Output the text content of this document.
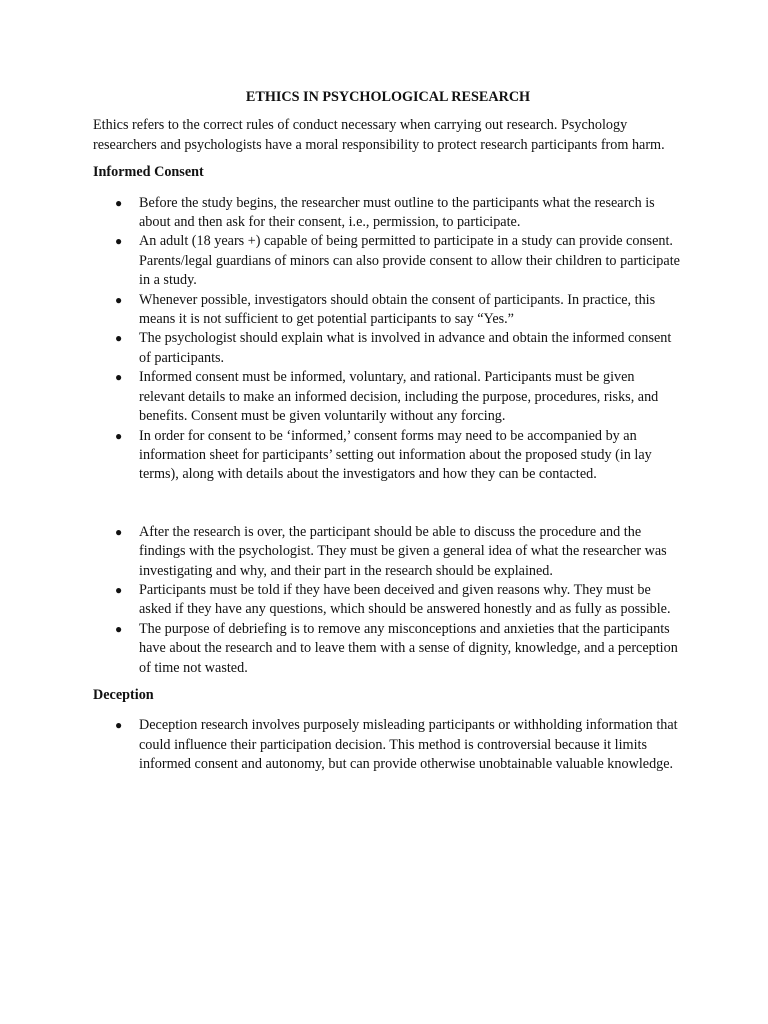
ETHICS IN PSYCHOLOGICAL RESEARCH

Ethics refers to the correct rules of conduct necessary when carrying out research. Psychology researchers and psychologists have a moral responsibility to protect research participants from harm.

Informed Consent
● Before the study begins, the researcher must outline to the participants what the research is about and then ask for their consent, i.e., permission, to participate.
● An adult (18 years +) capable of being permitted to participate in a study can provide consent. Parents/legal guardians of minors can also provide consent to allow their children to participate in a study.
● Whenever possible, investigators should obtain the consent of participants. In practice, this means it is not sufficient to get potential participants to say “Yes.”
● The psychologist should explain what is involved in advance and obtain the informed consent of participants.
● Informed consent must be informed, voluntary, and rational. Participants must be given relevant details to make an informed decision, including the purpose, procedures, risks, and benefits. Consent must be given voluntarily without any forcing.
● In order for consent to be ‘informed,’ consent forms may need to be accompanied by an information sheet for participants’ setting out information about the proposed study (in lay terms), along with details about the investigators and how they can be contacted.
● After the research is over, the participant should be able to discuss the procedure and the findings with the psychologist. They must be given a general idea of what the researcher was investigating and why, and their part in the research should be explained.
● Participants must be told if they have been deceived and given reasons why. They must be asked if they have any questions, which should be answered honestly and as fully as possible.
● The purpose of debriefing is to remove any misconceptions and anxieties that the participants have about the research and to leave them with a sense of dignity, knowledge, and a perception of time not wasted.
Deception
● Deception research involves purposely misleading participants or withholding information that could influence their participation decision. This method is controversial because it limits informed consent and autonomy, but can provide otherwise unobtainable valuable knowledge.
